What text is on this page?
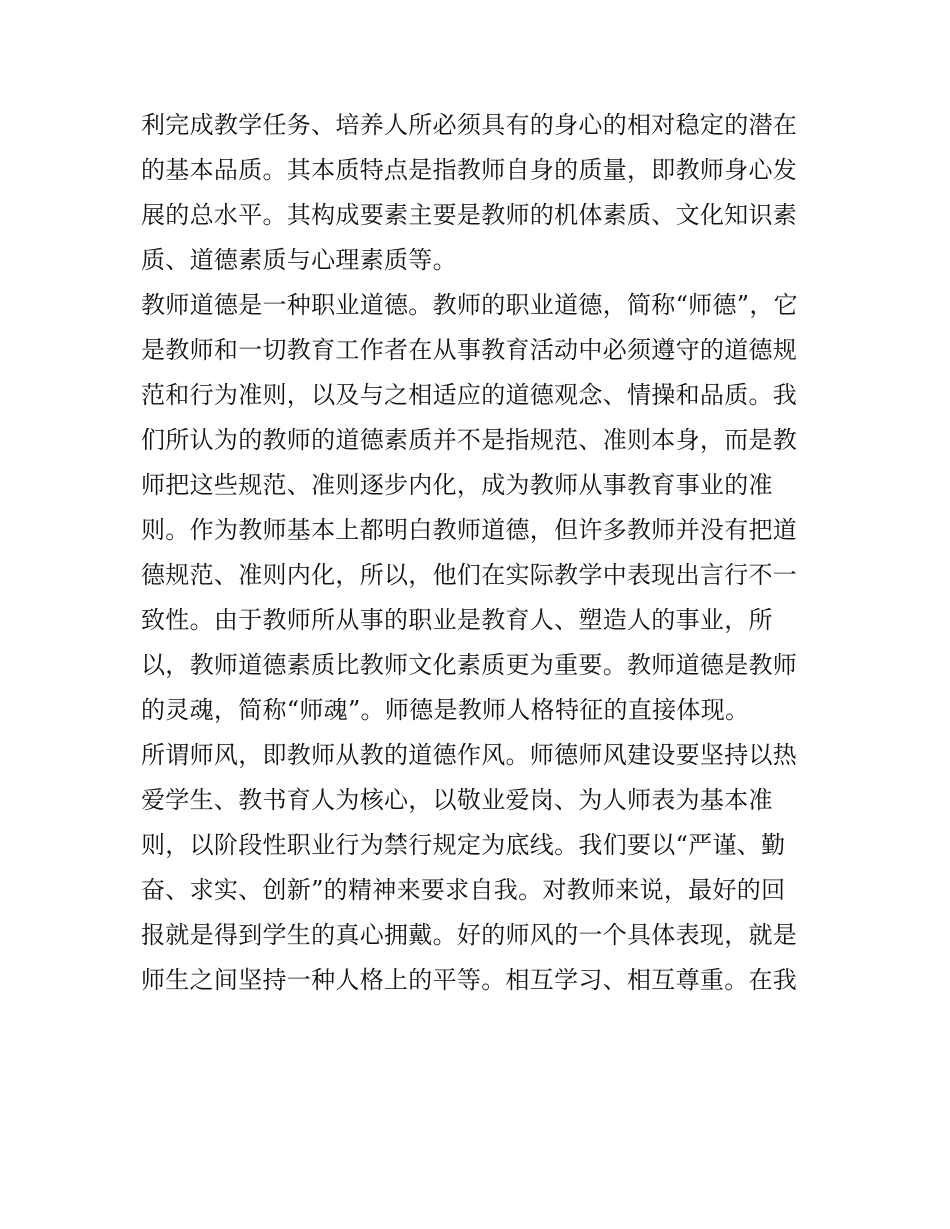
利完成教学任务、培养人所必须具有的身心的相对稳定的潜在
的基本品质。其本质特点是指教师自身的质量，即教师身心发
展的总水平。其构成要素主要是教师的机体素质、文化知识素
质、道德素质与心理素质等。
教师道德是一种职业道德。教师的职业道德，简称“师德”，它
是教师和一切教育工作者在从事教育活动中必须遵守的道德规
范和行为准则，以及与之相适应的道德观念、情操和品质。我
们所认为的教师的道德素质并不是指规范、准则本身，而是教
师把这些规范、准则逐步内化，成为教师从事教育事业的准
则。作为教师基本上都明白教师道德，但许多教师并没有把道
德规范、准则内化，所以，他们在实际教学中表现出言行不一
致性。由于教师所从事的职业是教育人、塑造人的事业，所
以，教师道德素质比教师文化素质更为重要。教师道德是教师
的灵魂，简称“师魂”。师德是教师人格特征的直接体现。
所谓师风，即教师从教的道德作风。师德师风建设要坚持以热
爱学生、教书育人为核心，以敬业爱岗、为人师表为基本准
则，以阶段性职业行为禁行规定为底线。我们要以“严谨、勤
奋、求实、创新”的精神来要求自我。对教师来说，最好的回
报就是得到学生的真心拥戴。好的师风的一个具体表现，就是
师生之间坚持一种人格上的平等。相互学习、相互尊重。在我
